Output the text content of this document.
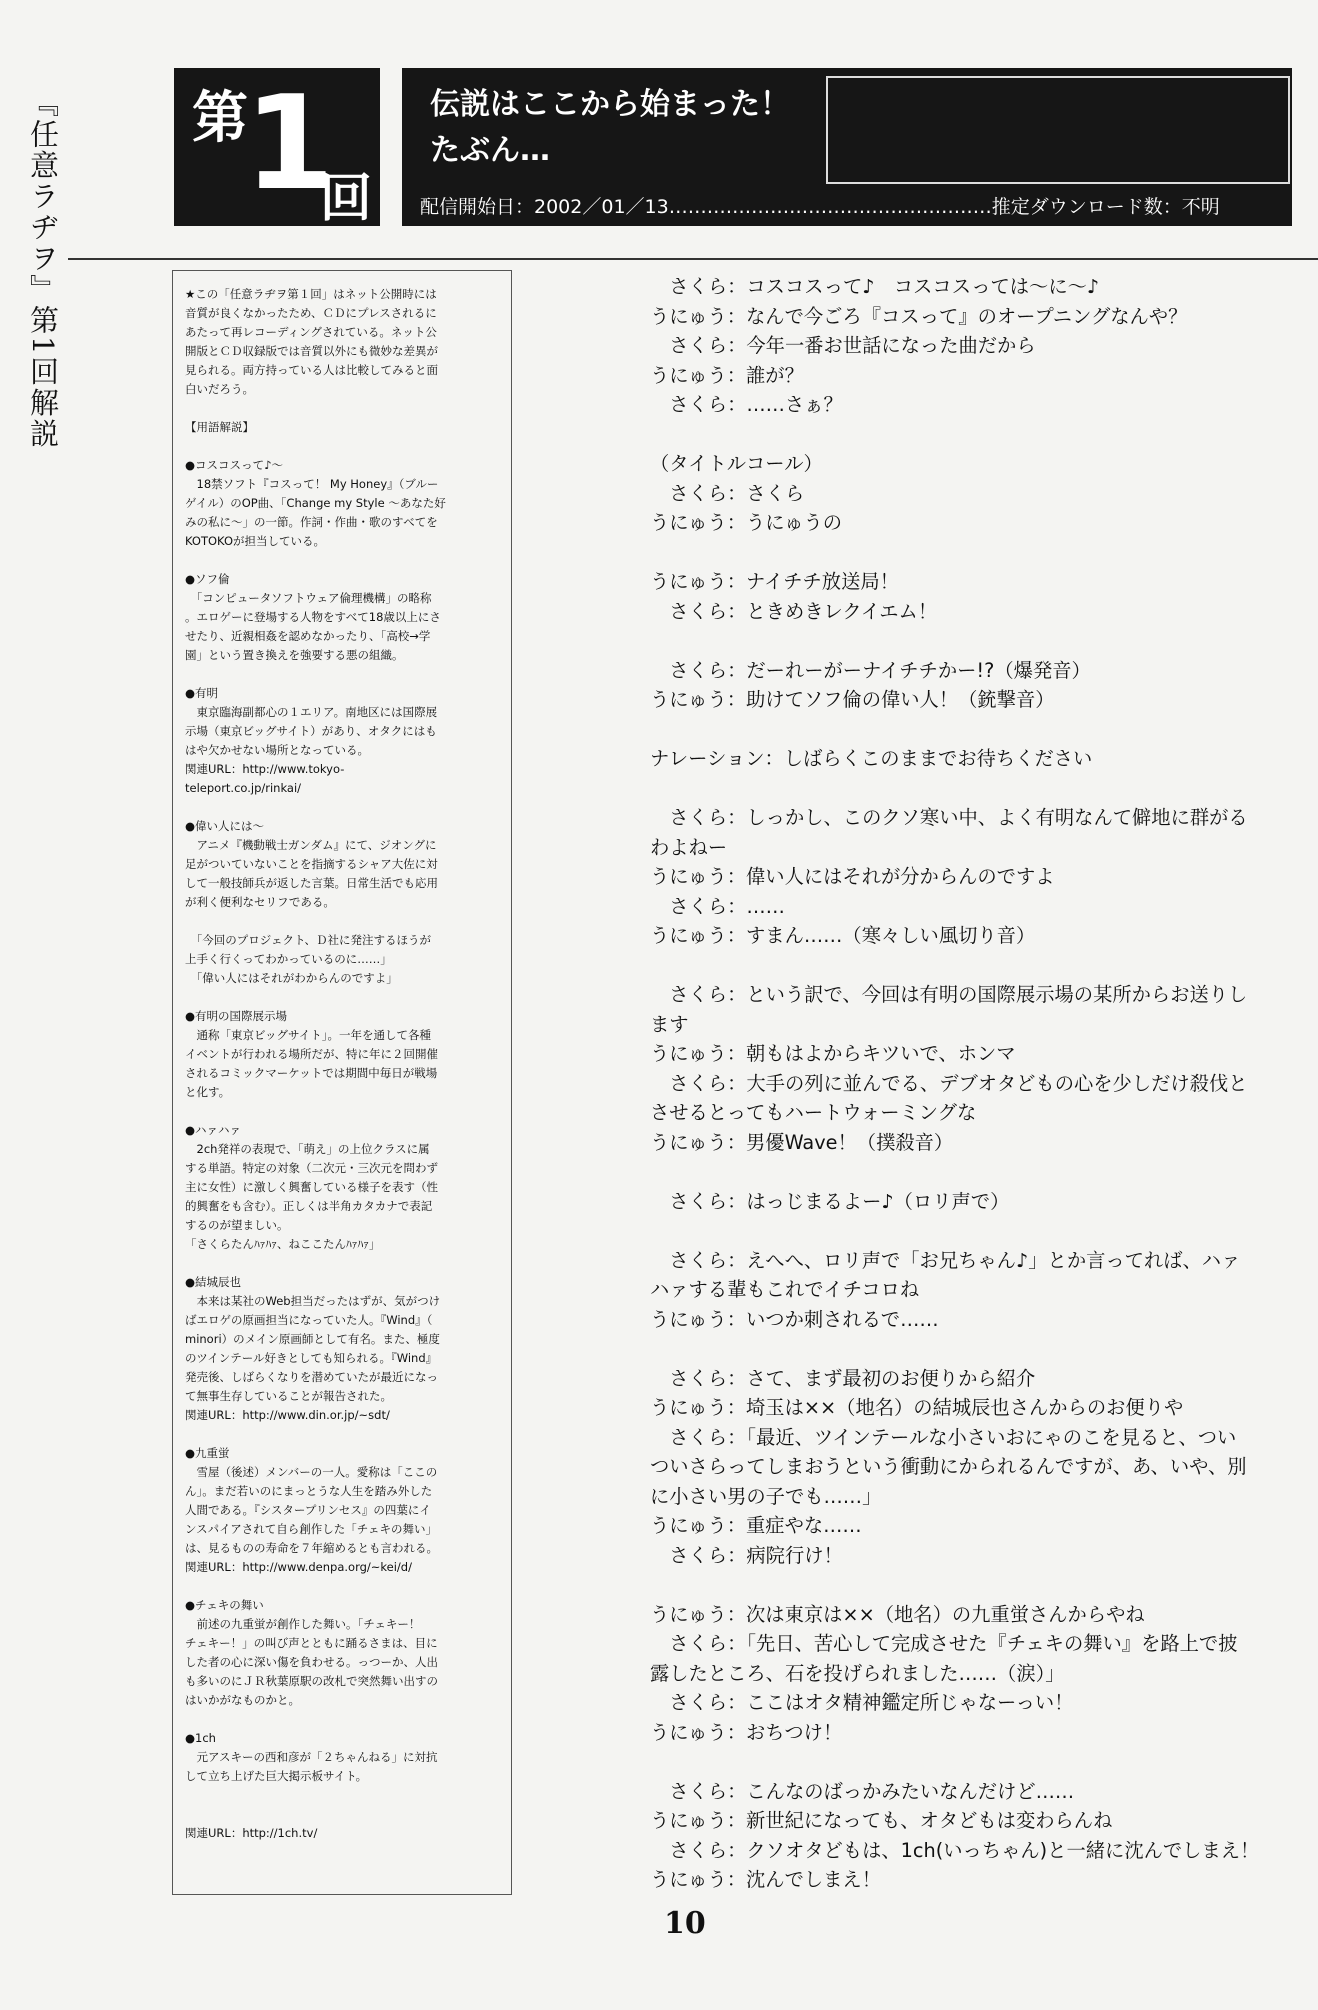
『任意ラヂヲ』第1回解説 第
1
回
伝説はここから始まった！
たぶん…
配信開始日：2002／01／13……………………………………………推定ダウンロード数：不明
★この「任意ラヂヲ第１回」はネット公開時には
音質が良くなかったため、ＣＤにプレスされるに
あたって再レコーディングされている。ネット公
開版とＣＤ収録版では音質以外にも微妙な差異が
見られる。両方持っている人は比較してみると面
白いだろう。
【用語解説】
●コスコスって♪～
　18禁ソフト『コスって！ My Honey』（ブルー
ゲイル）のOP曲、「Change my Style ～あなた好
みの私に～」の一節。作詞・作曲・歌のすべてを
KOTOKOが担当している。
●ソフ倫
　「コンピュータソフトウェア倫理機構」の略称
。エロゲーに登場する人物をすべて18歳以上にさ
せたり、近親相姦を認めなかったり、「高校→学
園」という置き換えを強要する悪の組織。
●有明
　東京臨海副都心の１エリア。南地区には国際展
示場（東京ビッグサイト）があり、オタクにはも
はや欠かせない場所となっている。
関連URL：http://www.tokyo-
teleport.co.jp/rinkai/
●偉い人には～
　アニメ『機動戦士ガンダム』にて、ジオングに
足がついていないことを指摘するシャア大佐に対
して一般技師兵が返した言葉。日常生活でも応用
が利く便利なセリフである。
　「今回のプロジェクト、Ｄ社に発注するほうが
上手く行くってわかっているのに……」
　「偉い人にはそれがわからんのですよ」
●有明の国際展示場
　通称「東京ビッグサイト」。一年を通して各種
イベントが行われる場所だが、特に年に２回開催
されるコミックマーケットでは期間中毎日が戦場
と化す。
●ハァハァ
　2ch発祥の表現で、「萌え」の上位クラスに属
する単語。特定の対象（二次元・三次元を問わず
主に女性）に激しく興奮している様子を表す（性
的興奮をも含む）。正しくは半角カタカナで表記
するのが望ましい。
「さくらたんﾊｧﾊｧ、ねここたんﾊｧﾊｧ」
●結城辰也
　本来は某社のWeb担当だったはずが、気がつけ
ばエロゲの原画担当になっていた人。『Wind』（
minori）のメイン原画師として有名。また、極度
のツインテール好きとしても知られる。『Wind』
発売後、しばらくなりを潜めていたが最近になっ
て無事生存していることが報告された。
関連URL：http://www.din.or.jp/~sdt/
●九重蛍
　雪屋（後述）メンバーの一人。愛称は「ここの
ん」。まだ若いのにまっとうな人生を踏み外した
人間である。『シスタープリンセス』の四葉にイ
ンスパイアされて自ら創作した「チェキの舞い」
は、見るものの寿命を７年縮めるとも言われる。
関連URL：http://www.denpa.org/~kei/d/
●チェキの舞い
　前述の九重蛍が創作した舞い。「チェキー！
チェキー！」の叫び声とともに踊るさまは、目に
した者の心に深い傷を負わせる。っつーか、人出
も多いのにＪＲ秋葉原駅の改札で突然舞い出すの
はいかがなものかと。
●1ch
　元アスキーの西和彦が「２ちゃんねる」に対抗
して立ち上げた巨大掲示板サイト。
関連URL：http://1ch.tv/
　さくら：コスコスって♪　コスコスっては～に～♪
うにゅう：なんで今ごろ『コスって』のオープニングなんや？
　さくら：今年一番お世話になった曲だから
うにゅう：誰が？
　さくら：……さぁ？
（タイトルコール）
　さくら：さくら
うにゅう：うにゅうの
うにゅう：ナイチチ放送局！
　さくら：ときめきレクイエム！
　さくら：だーれーがーナイチチかー!?（爆発音）
うにゅう：助けてソフ倫の偉い人！（銃撃音）
ナレーション：しばらくこのままでお待ちください
　さくら：しっかし、このクソ寒い中、よく有明なんて僻地に群がる
わよねー
うにゅう：偉い人にはそれが分からんのですよ
　さくら：……
うにゅう：すまん……（寒々しい風切り音）
　さくら：という訳で、今回は有明の国際展示場の某所からお送りし
ます
うにゅう：朝もはよからキツいで、ホンマ
　さくら：大手の列に並んでる、デブオタどもの心を少しだけ殺伐と
させるとってもハートウォーミングな
うにゅう：男優Wave！（撲殺音）
　さくら：はっじまるよー♪（ロリ声で）
　さくら：えへへ、ロリ声で「お兄ちゃん♪」とか言ってれば、ハァ
ハァする輩もこれでイチコロね
うにゅう：いつか刺されるで……
　さくら：さて、まず最初のお便りから紹介
うにゅう：埼玉は××（地名）の結城辰也さんからのお便りや
　さくら：「最近、ツインテールな小さいおにゃのこを見ると、つい
ついさらってしまおうという衝動にかられるんですが、あ、いや、別
に小さい男の子でも……」
うにゅう：重症やな……
　さくら：病院行け！
うにゅう：次は東京は××（地名）の九重蛍さんからやね
　さくら：「先日、苦心して完成させた『チェキの舞い』を路上で披
露したところ、石を投げられました……（涙）」
　さくら：ここはオタ精神鑑定所じゃなーっい！
うにゅう：おちつけ！
　さくら：こんなのばっかみたいなんだけど……
うにゅう：新世紀になっても、オタどもは変わらんね
　さくら：クソオタどもは、1ch(いっちゃん)と一緒に沈んでしまえ！
うにゅう：沈んでしまえ！
10
